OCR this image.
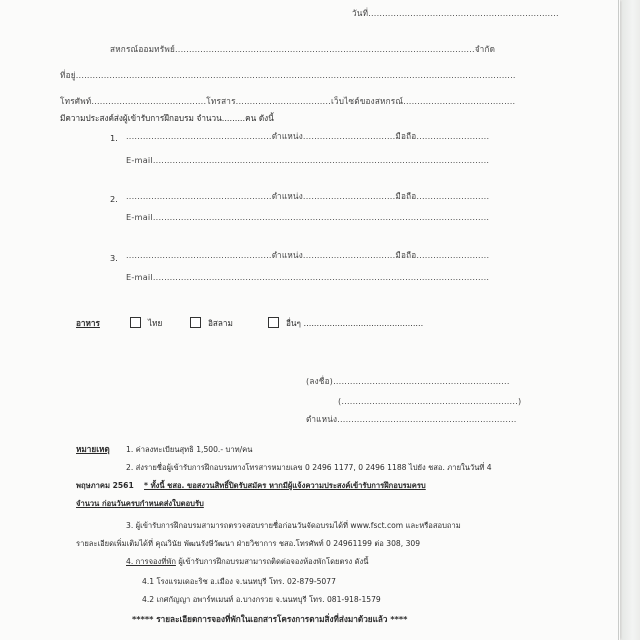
วันที่....................................................................
สหกรณ์ออมทรัพย์...........................................................................................................จำกัด
ที่อยู่.............................................................................................................................................................
โทรศัพท์.........................................โทรสาร..................................เว็บไซต์ของสหกรณ์........................................
มีความประสงค์ส่งผู้เข้ารับการฝึกอบรม จำนวน.........คน ดังนี้
1. ....................................................ตำแหน่ง.................................มือถือ..........................
E-mail........................................................................................................................
2. ....................................................ตำแหน่ง.................................มือถือ..........................
E-mail........................................................................................................................
3. ....................................................ตำแหน่ง.................................มือถือ..........................
E-mail........................................................................................................................
อาหาร	ไทย	อิสลาม	อื่นๆ ..............................................
(ลงชื่อ)...............................................................
(...............................................................)
ตำแหน่ง................................................................
หมายเหตุ 1. ค่าลงทะเบียนสุทธิ 1,500.- บาท/คน
2. ส่งรายชื่อผู้เข้ารับการฝึกอบรมทางโทรสารหมายเลข 0 2496 1177, 0 2496 1188 ไปยัง ชสอ. ภายในวันที่ 4
พฤษภาคม 2561 * ทั้งนี้ ชสอ. ขอสงวนสิทธิ์ปิดรับสมัคร หากมีผู้แจ้งความประสงค์เข้ารับการฝึกอบรมครบ
จำนวน ก่อนวันครบกำหนดส่งใบตอบรับ
3. ผู้เข้ารับการฝึกอบรมสามารถตรวจสอบรายชื่อก่อนวันจัดอบรมได้ที่ www.fsct.com และหรือสอบถาม
รายละเอียดเพิ่มเติมได้ที่ คุณวินัย พัฒนรังษีวัฒนา ฝ่ายวิชาการ ชสอ.โทรศัพท์ 0 24961199 ต่อ 308, 309
4. การจองที่พัก ผู้เข้ารับการฝึกอบรมสามารถติดต่อจองห้องพักโดยตรง ดังนี้
4.1 โรงแรมเดอะริช อ.เมือง จ.นนทบุรี โทร. 02-879-5077
4.2 เกศกัญญา อพาร์ทเมนท์ อ.บางกรวย จ.นนทบุรี โทร. 081-918-1579
***** รายละเอียดการจองที่พักในเอกสารโครงการตามสิ่งที่ส่งมาด้วยแล้ว ****
